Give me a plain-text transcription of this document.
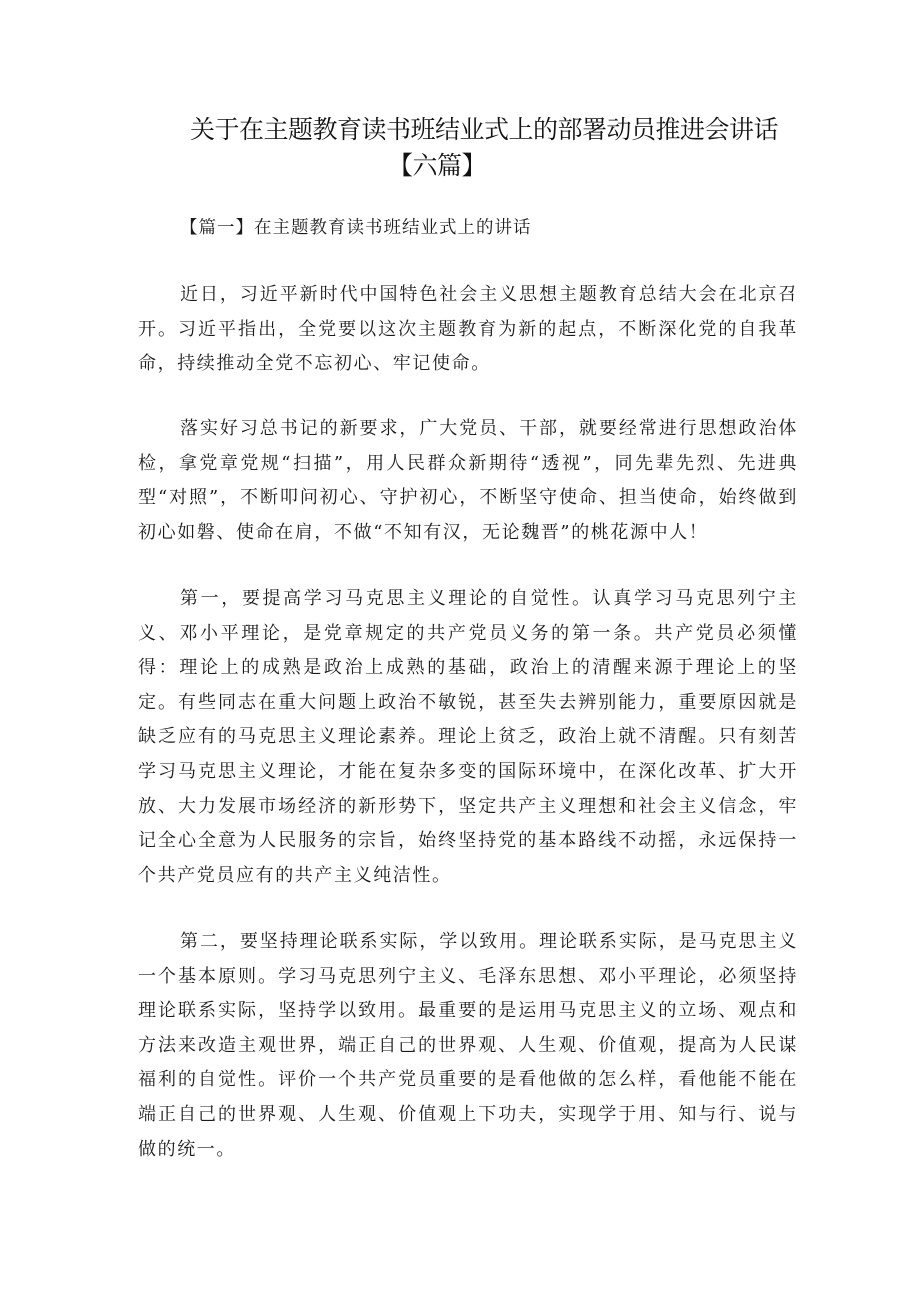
关于在主题教育读书班结业式上的部署动员推进会讲话
【六篇】

【篇一】在主题教育读书班结业式上的讲话

近日，习近平新时代中国特色社会主义思想主题教育总结大会在北京召开。习近平指出，全党要以这次主题教育为新的起点，不断深化党的自我革命，持续推动全党不忘初心、牢记使命。

落实好习总书记的新要求，广大党员、干部，就要经常进行思想政治体检，拿党章党规“扫描”，用人民群众新期待“透视”，同先辈先烈、先进典型“对照”，不断叩问初心、守护初心，不断坚守使命、担当使命，始终做到初心如磐、使命在肩，不做“不知有汉，无论魏晋”的桃花源中人！

第一，要提高学习马克思主义理论的自觉性。认真学习马克思列宁主义、邓小平理论，是党章规定的共产党员义务的第一条。共产党员必须懂得：理论上的成熟是政治上成熟的基础，政治上的清醒来源于理论上的坚定。有些同志在重大问题上政治不敏锐，甚至失去辨别能力，重要原因就是缺乏应有的马克思主义理论素养。理论上贫乏，政治上就不清醒。只有刻苦学习马克思主义理论，才能在复杂多变的国际环境中，在深化改革、扩大开放、大力发展市场经济的新形势下，坚定共产主义理想和社会主义信念，牢记全心全意为人民服务的宗旨，始终坚持党的基本路线不动摇，永远保持一个共产党员应有的共产主义纯洁性。

第二，要坚持理论联系实际，学以致用。理论联系实际，是马克思主义一个基本原则。学习马克思列宁主义、毛泽东思想、邓小平理论，必须坚持理论联系实际，坚持学以致用。最重要的是运用马克思主义的立场、观点和方法来改造主观世界，端正自己的世界观、人生观、价值观，提高为人民谋福利的自觉性。评价一个共产党员重要的是看他做的怎么样，看他能不能在端正自己的世界观、人生观、价值观上下功夫，实现学于用、知与行、说与做的统一。
